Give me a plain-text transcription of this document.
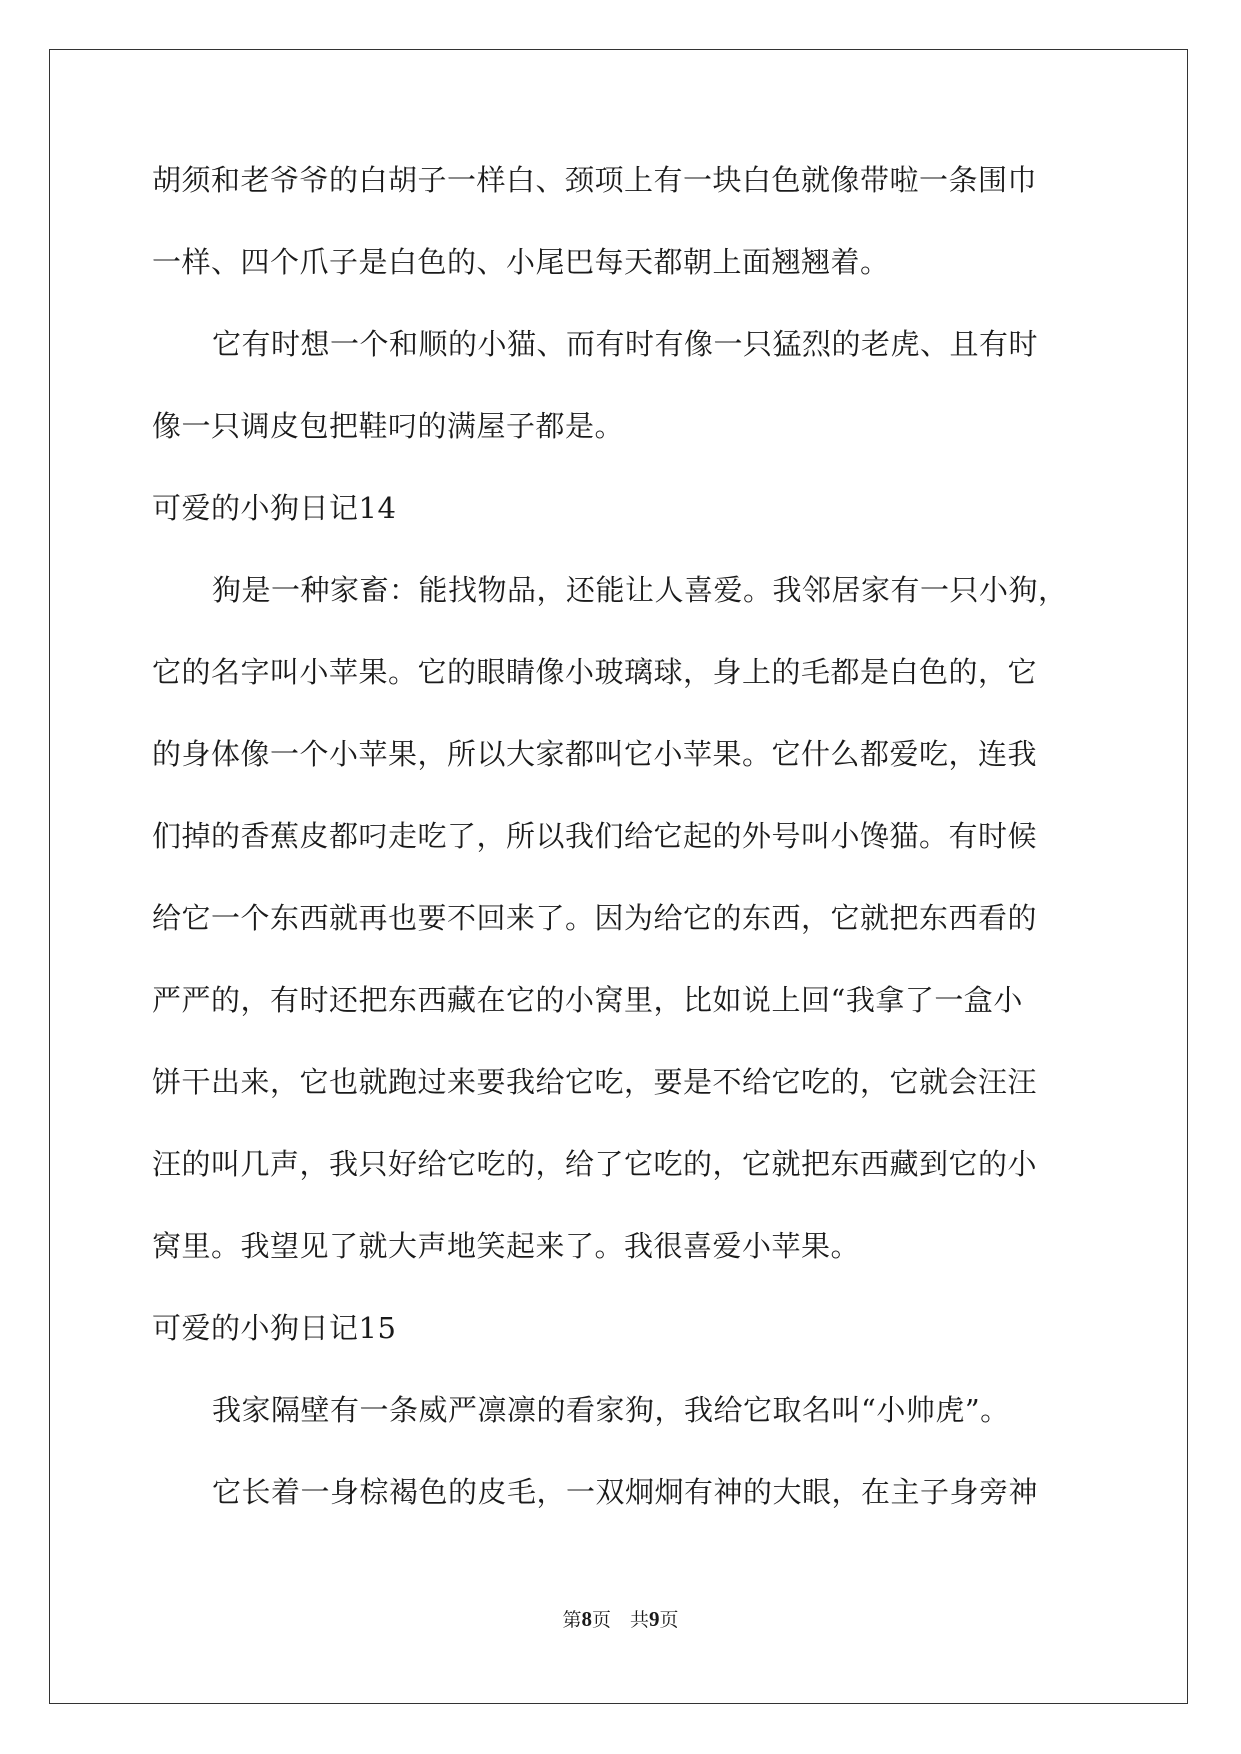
胡须和老爷爷的白胡子一样白、颈项上有一块白色就像带啦一条围巾
一样、四个爪子是白色的、小尾巴每天都朝上面翘翘着。
它有时想一个和顺的小猫、而有时有像一只猛烈的老虎、且有时
像一只调皮包把鞋叼的满屋子都是。
可爱的小狗日记14
狗是一种家畜：能找物品，还能让人喜爱。我邻居家有一只小狗，
它的名字叫小苹果。它的眼睛像小玻璃球，身上的毛都是白色的，它
的身体像一个小苹果，所以大家都叫它小苹果。它什么都爱吃，连我
们掉的香蕉皮都叼走吃了，所以我们给它起的外号叫小馋猫。有时候
给它一个东西就再也要不回来了。因为给它的东西，它就把东西看的
严严的，有时还把东西藏在它的小窝里，比如说上回“我拿了一盒小
饼干出来，它也就跑过来要我给它吃，要是不给它吃的，它就会汪汪
汪的叫几声，我只好给它吃的，给了它吃的，它就把东西藏到它的小
窝里。我望见了就大声地笑起来了。我很喜爱小苹果。
可爱的小狗日记15
我家隔壁有一条威严凛凛的看家狗，我给它取名叫“小帅虎”。
它长着一身棕褐色的皮毛，一双炯炯有神的大眼，在主子身旁神
第8页　共9页
